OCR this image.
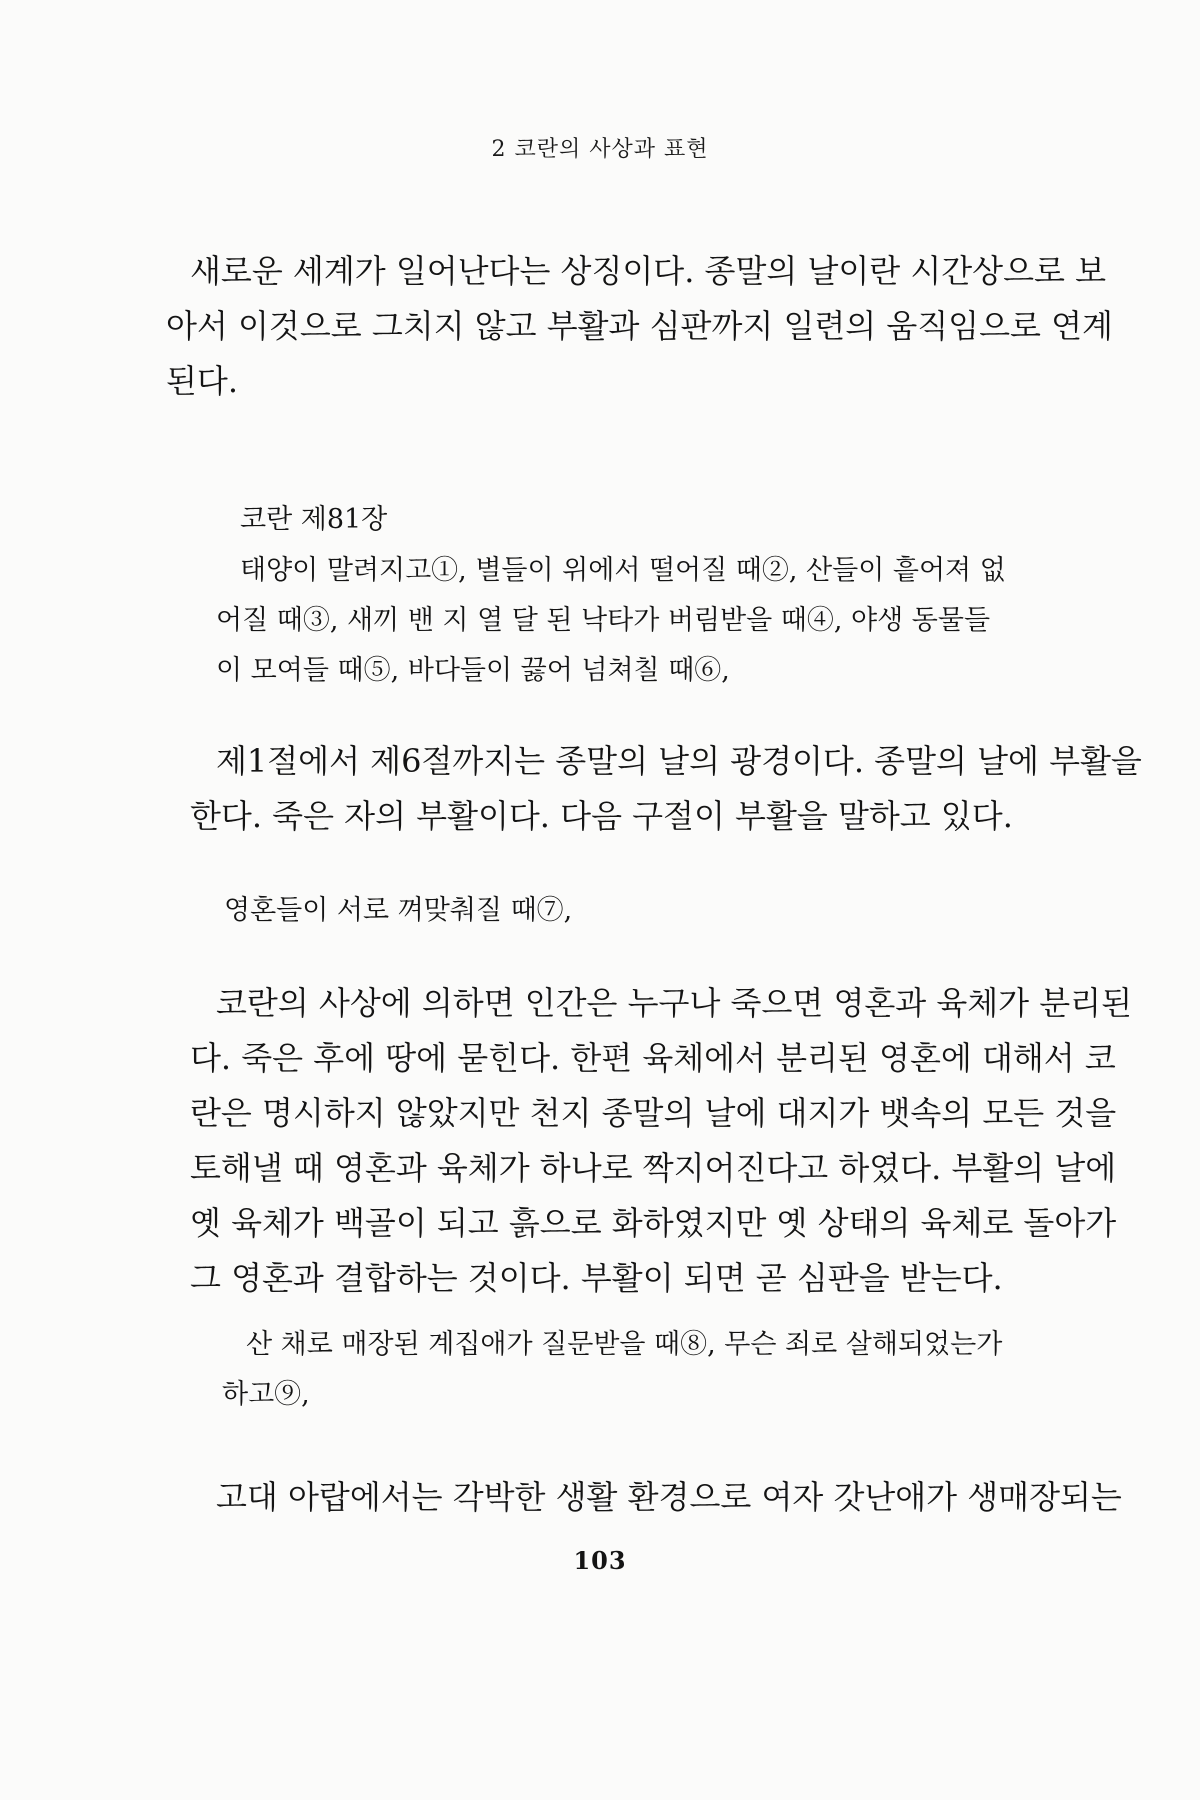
2 코란의 사상과 표현

새로운 세계가 일어난다는 상징이다. 종말의 날이란 시간상으로 보
아서 이것으로 그치지 않고 부활과 심판까지 일련의 움직임으로 연계
된다.

코란 제81장

태양이 말려지고①, 별들이 위에서 떨어질 때②, 산들이 흩어져 없
어질 때③, 새끼 밴 지 열 달 된 낙타가 버림받을 때④, 야생 동물들
이 모여들 때⑤, 바다들이 끓어 넘쳐칠 때⑥,

제1절에서 제6절까지는 종말의 날의 광경이다. 종말의 날에 부활을
한다. 죽은 자의 부활이다. 다음 구절이 부활을 말하고 있다.

영혼들이 서로 껴맞춰질 때⑦,

코란의 사상에 의하면 인간은 누구나 죽으면 영혼과 육체가 분리된
다. 죽은 후에 땅에 묻힌다. 한편 육체에서 분리된 영혼에 대해서 코
란은 명시하지 않았지만 천지 종말의 날에 대지가 뱃속의 모든 것을
토해낼 때 영혼과 육체가 하나로 짝지어진다고 하였다. 부활의 날에
옛 육체가 백골이 되고 흙으로 화하였지만 옛 상태의 육체로 돌아가
그 영혼과 결합하는 것이다. 부활이 되면 곧 심판을 받는다.

산 채로 매장된 계집애가 질문받을 때⑧, 무슨 죄로 살해되었는가
하고⑨,

고대 아랍에서는 각박한 생활 환경으로 여자 갓난애가 생매장되는

103
